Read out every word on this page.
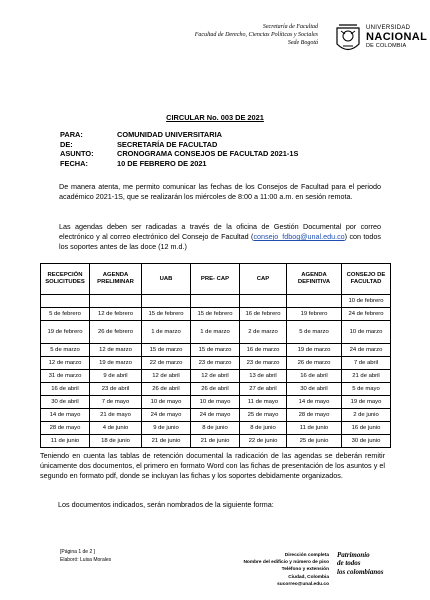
Secretaría de Facultad
Facultad de Derecho, Ciencias Políticas y Sociales
Sede Bogotá
UNIVERSIDAD
NACIONAL
DE COLOMBIA
CIRCULAR No. 003 DE 2021
PARA:	COMUNIDAD UNIVERSITARIA
DE:	SECRETARÍA DE FACULTAD
ASUNTO:	CRONOGRAMA CONSEJOS DE FACULTAD 2021-1S
FECHA:	10 DE FEBRERO DE 2021
De manera atenta, me permito comunicar las fechas de los Consejos de Facultad para el periodo académico 2021-1S, que se realizarán los miércoles de 8:00 a 11:00 a.m. en sesión remota.
Las agendas deben ser radicadas a través de la oficina de Gestión Documental por correo electrónico y al correo electrónico del Consejo de Facultad (consejo_fdbog@unal.edu.co) con todos los soportes antes de las doce (12 m.d.)
RECEPCIÓN SOLICITUDES	AGENDA PRELIMINAR	UAB	PRE- CAP	CAP	AGENDA DEFINITIVA	CONSEJO DE FACULTAD
						10 de febrero
5 de febrero	12 de febrero	15 de febrero	15 de febrero	16 de febrero	19 febrero	24 de febrero
19 de febrero	26 de febrero	1 de marzo	1 de marzo	2 de marzo	5 de marzo	10 de marzo
5 de marzo	12 de marzo	15 de marzo	15 de marzo	16 de marzo	19 de marzo	24 de marzo
12 de marzo	19 de marzo	22 de marzo	23 de marzo	23 de marzo	26 de marzo	7 de abril
31 de marzo	9 de abril	12 de abril	12 de abril	13 de abril	16 de abril	21 de abril
16 de abril	23 de abril	26 de abril	26 de abril	27 de abril	30 de abril	5 de mayo
30 de abril	7 de mayo	10 de mayo	10 de mayo	11 de mayo	14 de mayo	19 de mayo
14 de mayo	21 de mayo	24 de mayo	24 de mayo	25 de mayo	28 de mayo	2 de junio
28 de mayo	4 de junio	9 de junio	8 de junio	8 de junio	11 de junio	16 de junio
11 de junio	18 de junio	21 de junio	21 de junio	22 de junio	25 de junio	30 de junio
Teniendo en cuenta las tablas de retención documental la radicación de las agendas se deberán remitir únicamente dos documentos, el primero en formato Word con las fichas de presentación de los asuntos y el segundo en formato pdf, donde se incluyan las fichas y los soportes debidamente organizados.
Los documentos indicados, serán nombrados de la siguiente forma:
[Página 1 de 2 ]
Elaboró: Luisa Morales
Dirección completa
Nombre del edificio y número de piso
Teléfono y extensión
Ciudad, Colombia
sucorreo@unal.edu.co
Patrimonio
de todos
los colombianos
